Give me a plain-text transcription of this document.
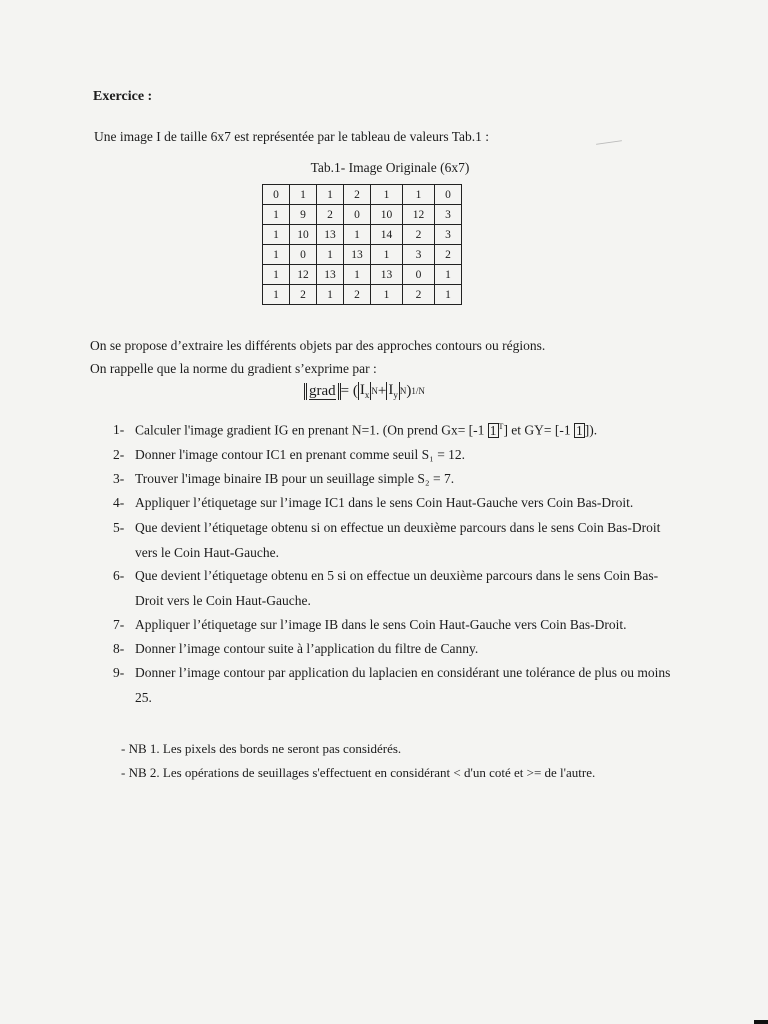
Exercice :
Une image I de taille 6x7 est représentée par le tableau de valeurs Tab.1 :
Tab.1- Image Originale (6x7)
0	1	1	2	1	1	0
1	9	2	0	10	12	3
1	10	13	1	14	2	3
1	0	1	13	1	3	2
1	12	13	1	13	0	1
1	2	1	2	1	2	1
On se propose d’extraire les différents objets par des approches contours ou régions.
On rappelle que la norme du gradient s’exprime par :
grad = ( $I_x$ $N + I_y$ N ) 1/N
1- Calculer l'image gradient IG en prenant N=1. (On prend Gx= [-1 1 $^T$] et GY= [-1 1 ]).
2- Donner l'image contour IC1 en prenant comme seuil S₁ = 12.
3- Trouver l'image binaire IB pour un seuillage simple S₂ = 7.
4- Appliquer l’étiquetage sur l’image IC1 dans le sens Coin Haut-Gauche vers Coin Bas-Droit.
5- Que devient l’étiquetage obtenu si on effectue un deuxième parcours dans le sens Coin Bas-Droit vers le Coin Haut-Gauche.
6- Que devient l’étiquetage obtenu en 5 si on effectue un deuxième parcours dans le sens Coin Bas-Droit vers le Coin Haut-Gauche.
7- Appliquer l’étiquetage sur l’image IB dans le sens Coin Haut-Gauche vers Coin Bas-Droit.
8- Donner l’image contour suite à l’application du filtre de Canny.
9- Donner l’image contour par application du laplacien en considérant une tolérance de plus ou moins 25.
- NB 1. Les pixels des bords ne seront pas considérés.
- NB 2. Les opérations de seuillages s'effectuent en considérant < d'un coté et >= de l'autre.
